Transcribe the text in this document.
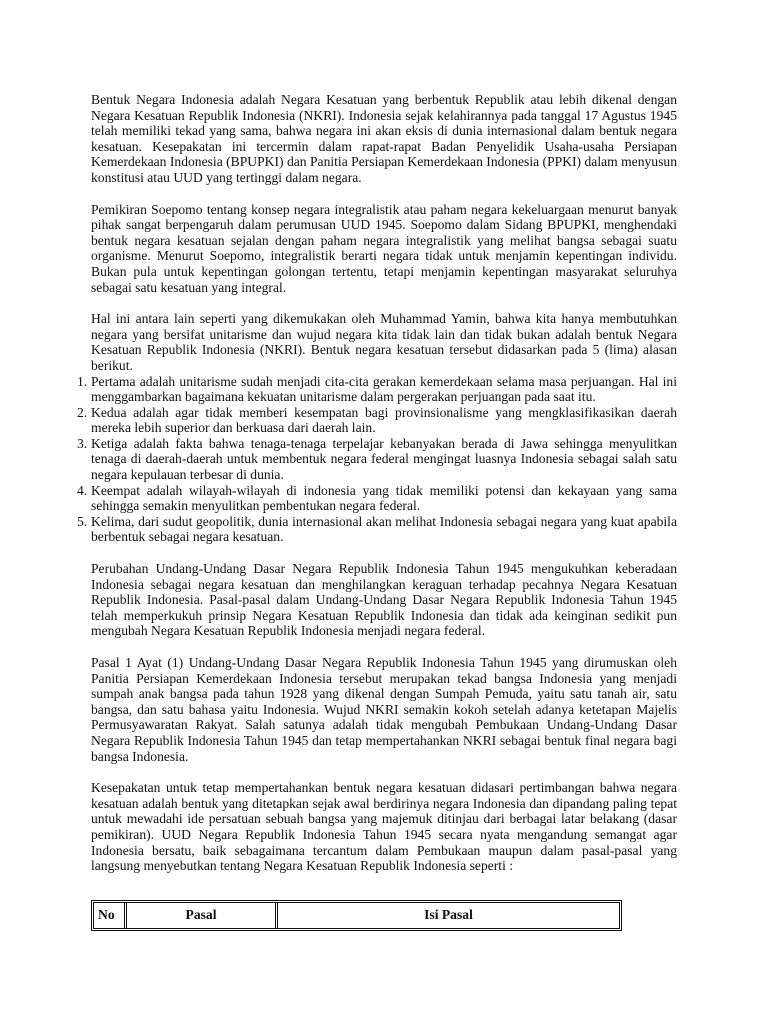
Bentuk Negara Indonesia adalah Negara Kesatuan yang berbentuk Republik atau lebih dikenal dengan Negara Kesatuan Republik Indonesia (NKRI). Indonesia sejak kelahirannya pada tanggal 17 Agustus 1945 telah memiliki tekad yang sama, bahwa negara ini akan eksis di dunia internasional dalam bentuk negara kesatuan. Kesepakatan ini tercermin dalam rapat-rapat Badan Penyelidik Usaha-usaha Persiapan Kemerdekaan Indonesia (BPUPKI) dan Panitia Persiapan Kemerdekaan Indonesia (PPKI) dalam menyusun konstitusi atau UUD yang tertinggi dalam negara.

Pemikiran Soepomo tentang konsep negara integralistik atau paham negara kekeluargaan menurut banyak pihak sangat berpengaruh dalam perumusan UUD 1945. Soepomo dalam Sidang BPUPKI, menghendaki bentuk negara kesatuan sejalan dengan paham negara integralistik yang melihat bangsa sebagai suatu organisme. Menurut Soepomo, integralistik berarti negara tidak untuk menjamin kepentingan individu. Bukan pula untuk kepentingan golongan tertentu, tetapi menjamin kepentingan masyarakat seluruhya sebagai satu kesatuan yang integral.

Hal ini antara lain seperti yang dikemukakan oleh Muhammad Yamin, bahwa kita hanya membutuhkan negara yang bersifat unitarisme dan wujud negara kita tidak lain dan tidak bukan adalah bentuk Negara Kesatuan Republik Indonesia (NKRI). Bentuk negara kesatuan tersebut didasarkan pada 5 (lima) alasan berikut.

1. Pertama adalah unitarisme sudah menjadi cita-cita gerakan kemerdekaan selama masa perjuangan. Hal ini menggambarkan bagaimana kekuatan unitarisme dalam pergerakan perjuangan pada saat itu.
2. Kedua adalah agar tidak memberi kesempatan bagi provinsionalisme yang mengklasifikasikan daerah mereka lebih superior dan berkuasa dari daerah lain.
3. Ketiga adalah fakta bahwa tenaga-tenaga terpelajar kebanyakan berada di Jawa sehingga menyulitkan tenaga di daerah-daerah untuk membentuk negara federal mengingat luasnya Indonesia sebagai salah satu negara kepulauan terbesar di dunia.
4. Keempat adalah wilayah-wilayah di indonesia yang tidak memiliki potensi dan kekayaan yang sama sehingga semakin menyulitkan pembentukan negara federal.
5. Kelima, dari sudut geopolitik, dunia internasional akan melihat Indonesia sebagai negara yang kuat apabila berbentuk sebagai negara kesatuan.

Perubahan Undang-Undang Dasar Negara Republik Indonesia Tahun 1945 mengukuhkan keberadaan Indonesia sebagai negara kesatuan dan menghilangkan keraguan terhadap pecahnya Negara Kesatuan Republik Indonesia. Pasal-pasal dalam Undang-Undang Dasar Negara Republik Indonesia Tahun 1945 telah memperkukuh prinsip Negara Kesatuan Republik Indonesia dan tidak ada keinginan sedikit pun mengubah Negara Kesatuan Republik Indonesia menjadi negara federal.

Pasal 1 Ayat (1) Undang-Undang Dasar Negara Republik Indonesia Tahun 1945 yang dirumuskan oleh Panitia Persiapan Kemerdekaan Indonesia tersebut merupakan tekad bangsa Indonesia yang menjadi sumpah anak bangsa pada tahun 1928 yang dikenal dengan Sumpah Pemuda, yaitu satu tanah air, satu bangsa, dan satu bahasa yaitu Indonesia. Wujud NKRI semakin kokoh setelah adanya ketetapan Majelis Permusyawaratan Rakyat. Salah satunya adalah tidak mengubah Pembukaan Undang-Undang Dasar Negara Republik Indonesia Tahun 1945 dan tetap mempertahankan NKRI sebagai bentuk final negara bagi bangsa Indonesia.

Kesepakatan untuk tetap mempertahankan bentuk negara kesatuan didasari pertimbangan bahwa negara kesatuan adalah bentuk yang ditetapkan sejak awal berdirinya negara Indonesia dan dipandang paling tepat untuk mewadahi ide persatuan sebuah bangsa yang majemuk ditinjau dari berbagai latar belakang (dasar pemikiran). UUD Negara Republik Indonesia Tahun 1945 secara nyata mengandung semangat agar Indonesia bersatu, baik sebagaimana tercantum dalam Pembukaan maupun dalam pasal-pasal yang langsung menyebutkan tentang Negara Kesatuan Republik Indonesia seperti :

No	Pasal	Isi Pasal
